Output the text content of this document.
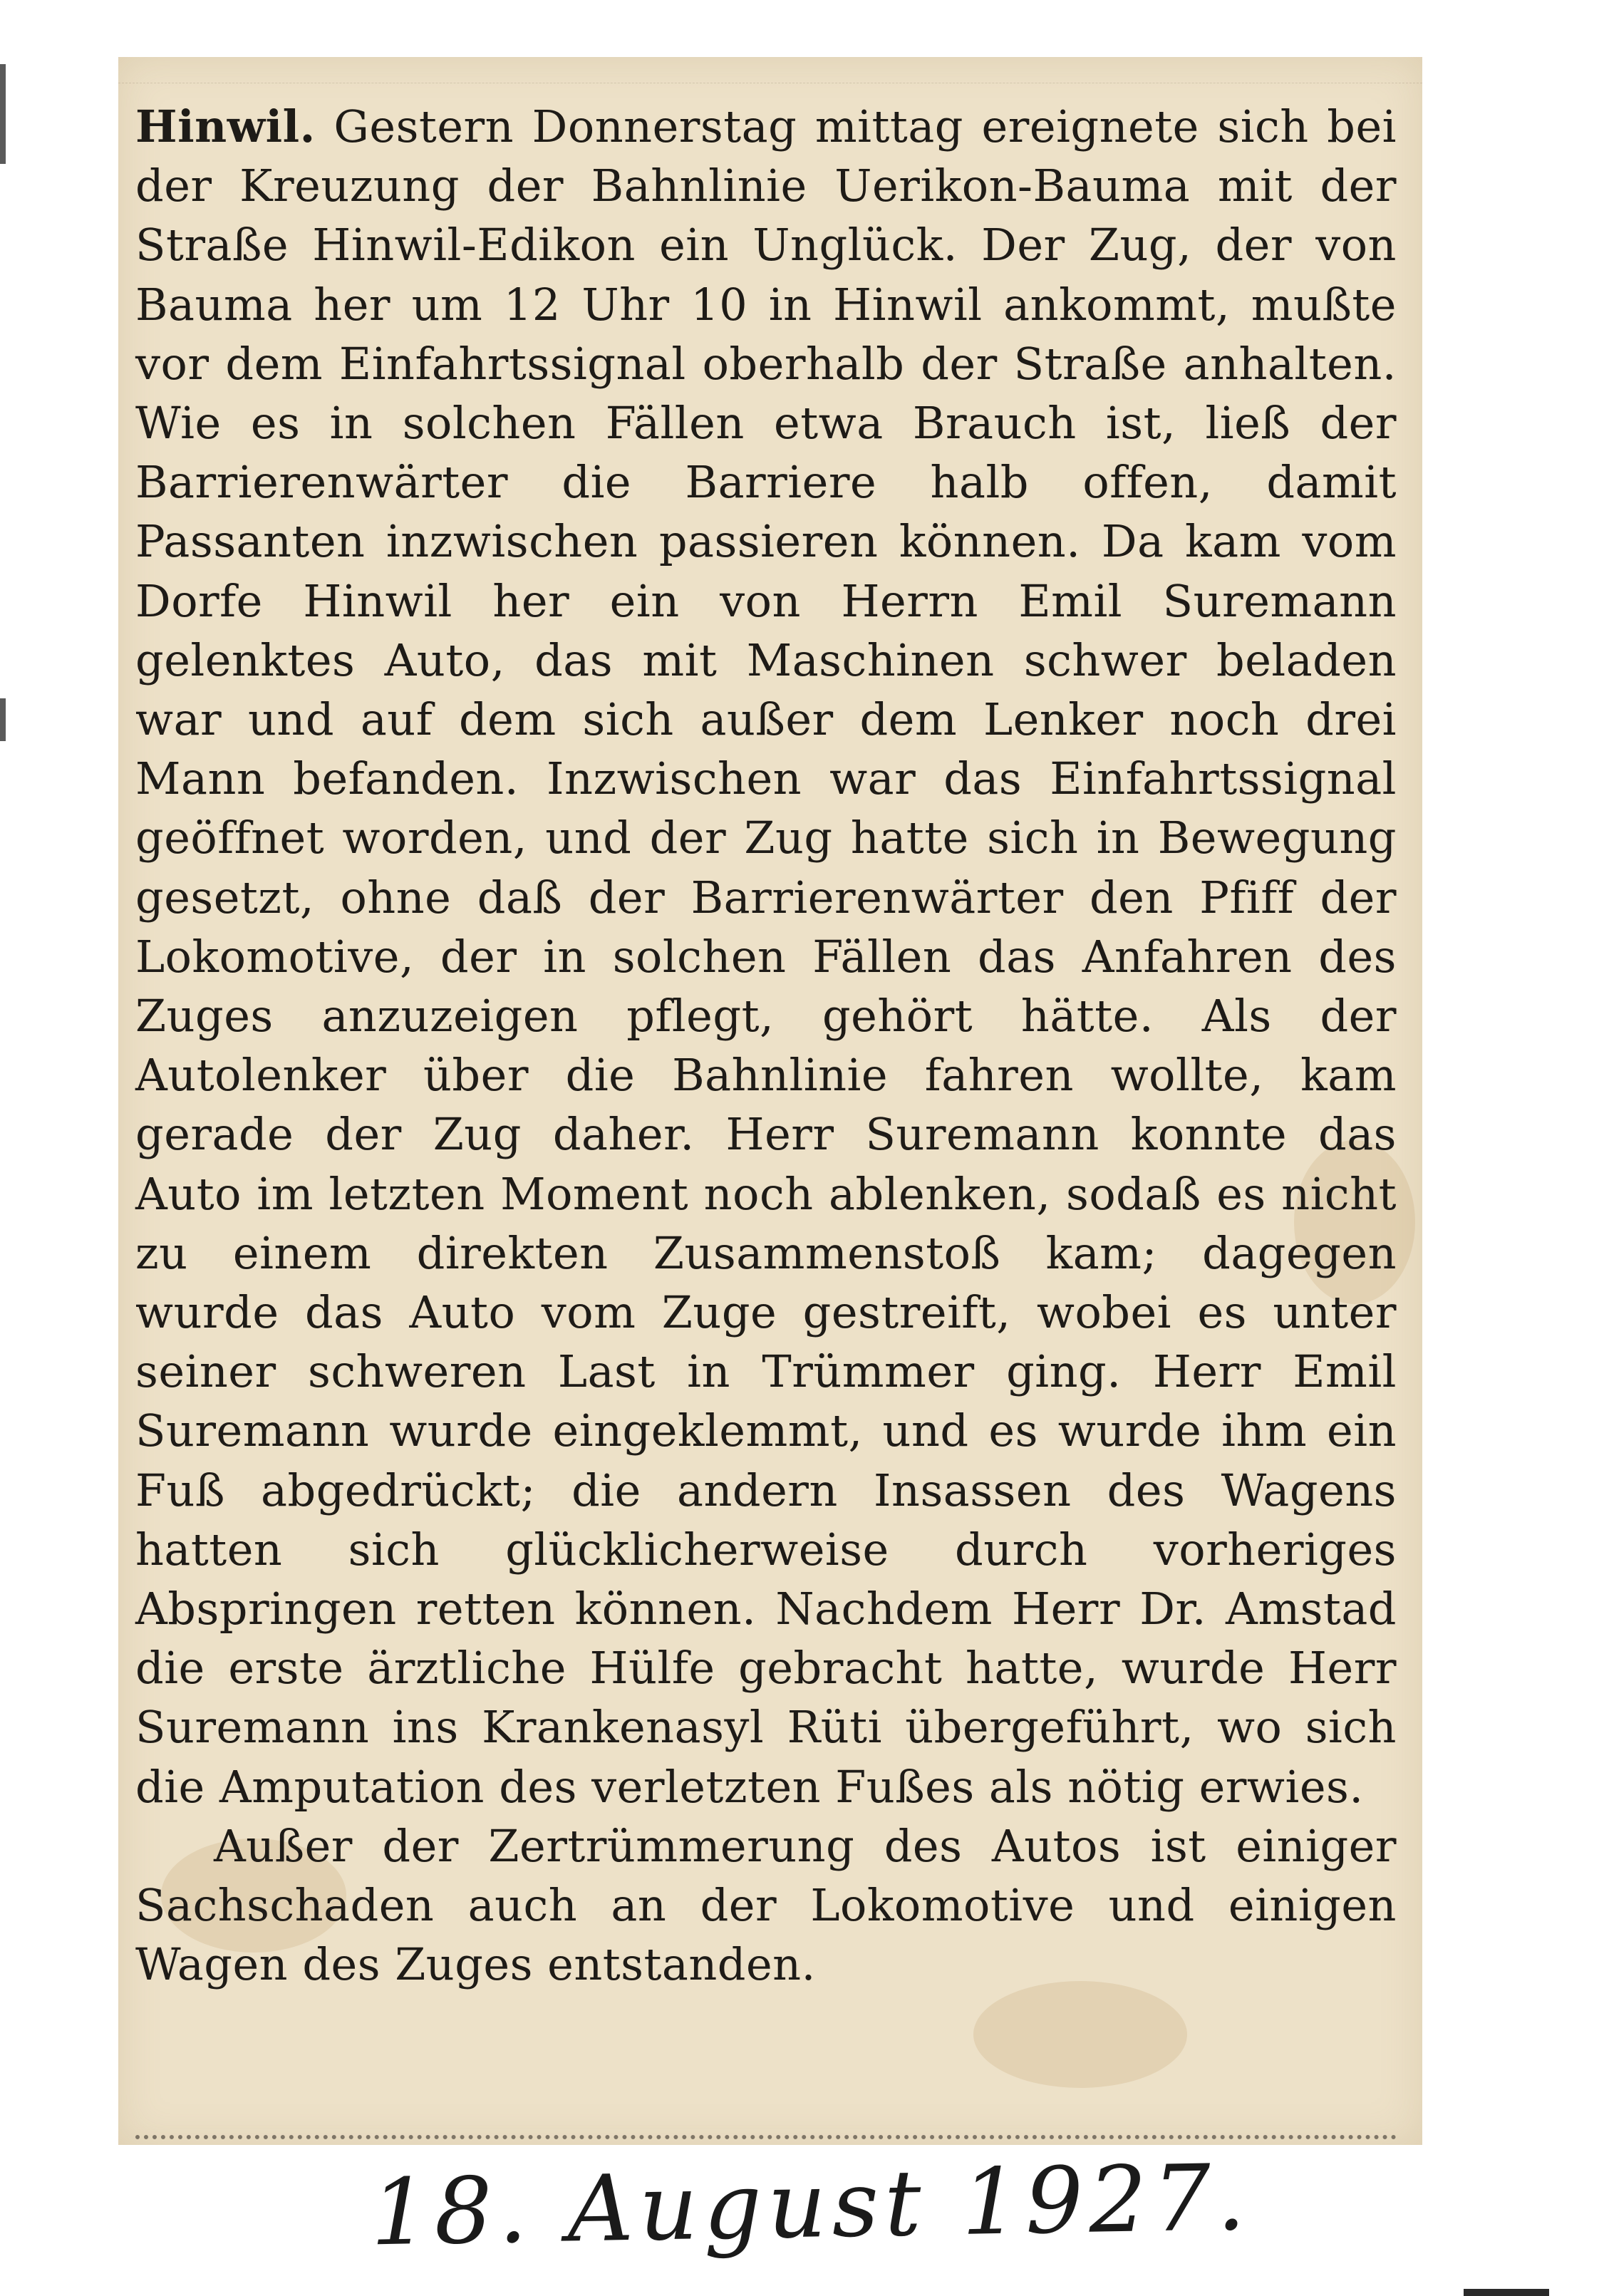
Hinwil. Gestern Donnerstag mittag ereignete sich bei der Kreuzung der Bahnlinie Uerikon-Bauma mit der Straße Hinwil-Edikon ein Unglück. Der Zug, der von Bauma her um 12 Uhr 10 in Hinwil ankommt, mußte vor dem Einfahrtssignal oberhalb der Straße anhalten. Wie es in solchen Fällen etwa Brauch ist, ließ der Barrierenwärter die Barriere halb offen, damit Passanten inzwischen passieren können. Da kam vom Dorfe Hinwil her ein von Herrn Emil Suremann gelenktes Auto, das mit Maschinen schwer beladen war und auf dem sich außer dem Lenker noch drei Mann befanden. Inzwischen war das Einfahrtssignal geöffnet worden, und der Zug hatte sich in Bewegung gesetzt, ohne daß der Barrierenwärter den Pfiff der Lokomotive, der in solchen Fällen das Anfahren des Zuges anzuzeigen pflegt, gehört hätte. Als der Autolenker über die Bahnlinie fahren wollte, kam gerade der Zug daher. Herr Suremann konnte das Auto im letzten Moment noch ablenken, sodaß es nicht zu einem direkten Zusammenstoß kam; dagegen wurde das Auto vom Zuge gestreift, wobei es unter seiner schweren Last in Trümmer ging. Herr Emil Suremann wurde eingeklemmt, und es wurde ihm ein Fuß abgedrückt; die andern Insassen des Wagens hatten sich glücklicherweise durch vorheriges Abspringen retten können. Nachdem Herr Dr. Amstad die erste ärztliche Hülfe gebracht hatte, wurde Herr Suremann ins Krankenasyl Rüti übergeführt, wo sich die Amputation des verletzten Fußes als nötig erwies.

Außer der Zertrümmerung des Autos ist einiger Sachschaden auch an der Lokomotive und einigen Wagen des Zuges entstanden.

18. August 1927.
